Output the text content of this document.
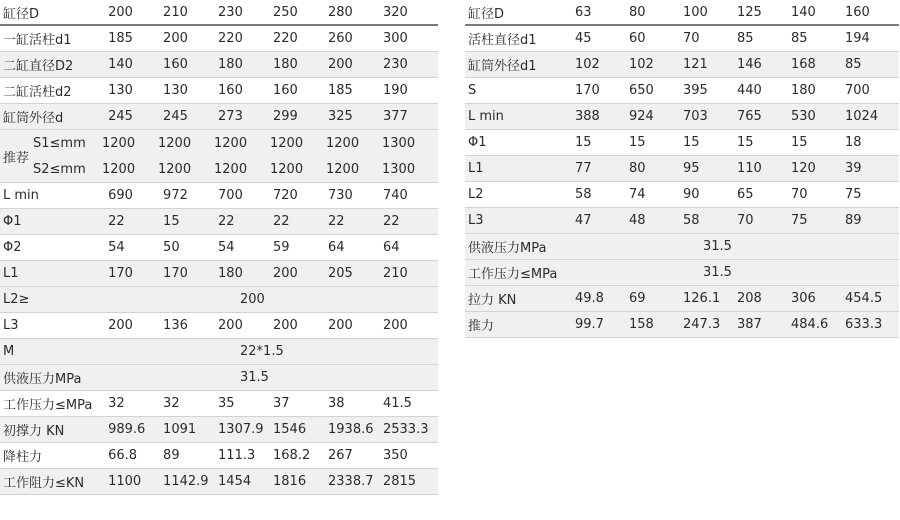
缸径D	200	210	230	250	280	320
一缸活柱d1	185	200	220	220	260	300
二缸直径D2	140	160	180	180	200	230
二缸活柱d2	130	130	160	160	185	190
缸筒外径d	245	245	273	299	325	377
推荐
S1≤mm	1200	1200	1200	1200	1200	1300
S2≤mm	1200	1200	1200	1200	1200	1300
L min	690	972	700	720	730	740
Φ1	22	15	22	22	22	22
Φ2	54	50	54	59	64	64
L1	170	170	180	200	205	210
L2≥	200
L3	200	136	200	200	200	200
M	22*1.5
供液压力MPa	31.5
工作压力≤MPa	32	32	35	37	38	41.5
初撑力 KN	989.6	1091	1307.9 1546	1938.6 2533.3
降柱力	66.8	89	111.3	168.2	267	350
工作阻力≤KN	1100	1142.9 1454	1816	2338.7 2815
缸径D	63	80	100	125	140	160
活柱直径d1	45	60	70	85	85	194
缸筒外径d1	102	102	121	146	168	85
S	170	650	395	440	180	700
L min	388	924	703	765	530	1024
Φ1	15	15	15	15	15	18
L1	77	80	95	110	120	39
L2	58	74	90	65	70	75
L3	47	48	58	70	75	89
供液压力MPa	31.5
工作压力≤MPa	31.5
拉力 KN	49.8	69	126.1	208	306	454.5
推力	99.7	158	247.3	387	484.6	633.3
